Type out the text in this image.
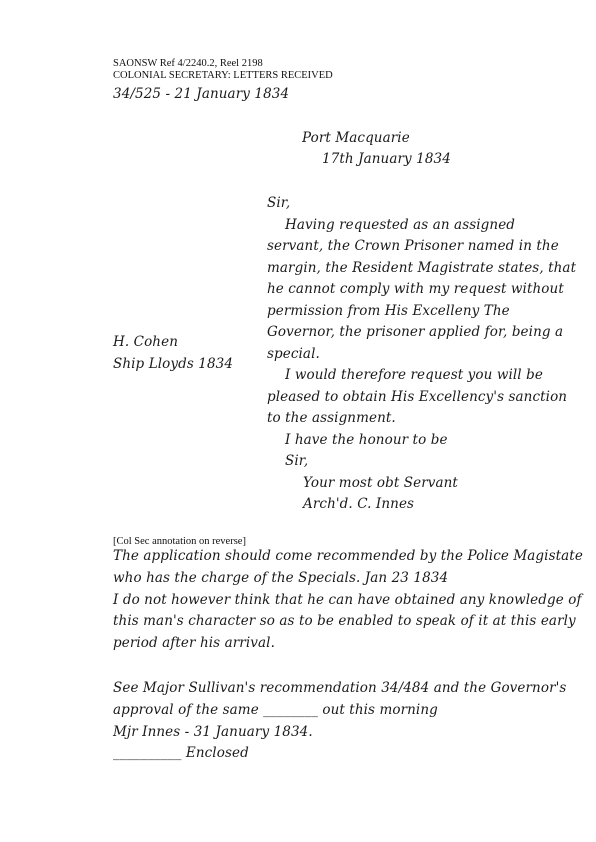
SAONSW Ref 4/2240.2, Reel 2198
COLONIAL SECRETARY: LETTERS RECEIVED
34/525 - 21 January 1834
Port Macquarie
17th January 1834
Sir,
Having requested as an assigned
servant, the Crown Prisoner named in the
margin, the Resident Magistrate states, that
he cannot comply with my request without
permission from His Excelleny The
Governor, the prisoner applied for, being a
special.
I would therefore request you will be
pleased to obtain His Excellency's sanction
to the assignment.
I have the honour to be
Sir,
Your most obt Servant
Arch'd. C. Innes
H. Cohen
Ship Lloyds 1834
[Col Sec annotation on reverse]
The application should come recommended by the Police Magistate
who has the charge of the Specials. Jan 23 1834
I do not however think that he can have obtained any knowledge of
this man's character so as to be enabled to speak of it at this early
period after his arrival.
See Major Sullivan's recommendation 34/484 and the Governor's
approval of the same ________ out this morning
Mjr Innes - 31 January 1834.
__________ Enclosed
